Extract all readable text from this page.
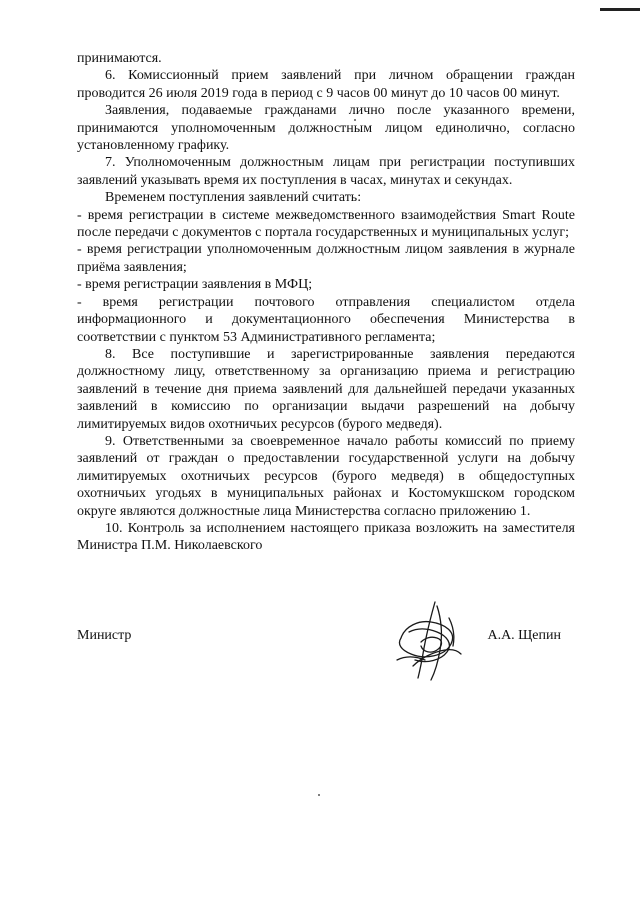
принимаются.

6. Комиссионный прием заявлений при личном обращении граждан проводится 26 июля 2019 года в период с 9 часов 00 минут до 10 часов 00 минут.

Заявления, подаваемые гражданами лично после указанного времени, принимаются уполномоченным должностным лицом единолично, согласно установленному графику.

7. Уполномоченным должностным лицам при регистрации поступивших заявлений указывать время их поступления в часах, минутах и секундах.

Временем поступления заявлений считать:

- время регистрации в системе межведомственного взаимодействия Smart Route после передачи с документов с портала государственных и муниципальных услуг;

- время регистрации уполномоченным должностным лицом заявления в журнале приёма заявления;

- время регистрации заявления в МФЦ;

- время регистрации почтового отправления специалистом отдела информационного и документационного обеспечения Министерства в соответствии с пунктом 53 Административного регламента;

8. Все поступившие и зарегистрированные заявления передаются должностному лицу, ответственному за организацию приема и регистрацию заявлений в течение дня приема заявлений для дальнейшей передачи указанных заявлений в комиссию по организации выдачи разрешений на добычу лимитируемых видов охотничьих ресурсов (бурого медведя).

9. Ответственными за своевременное начало работы комиссий по приему заявлений от граждан о предоставлении государственной услуги на добычу лимитируемых охотничьих ресурсов (бурого медведя) в общедоступных охотничьих угодьях в муниципальных районах и Костомукшском городском округе являются должностные лица Министерства согласно приложению 1.

10. Контроль за исполнением настоящего приказа возложить на заместителя Министра П.М. Николаевского

Министр	А.А. Щепин
